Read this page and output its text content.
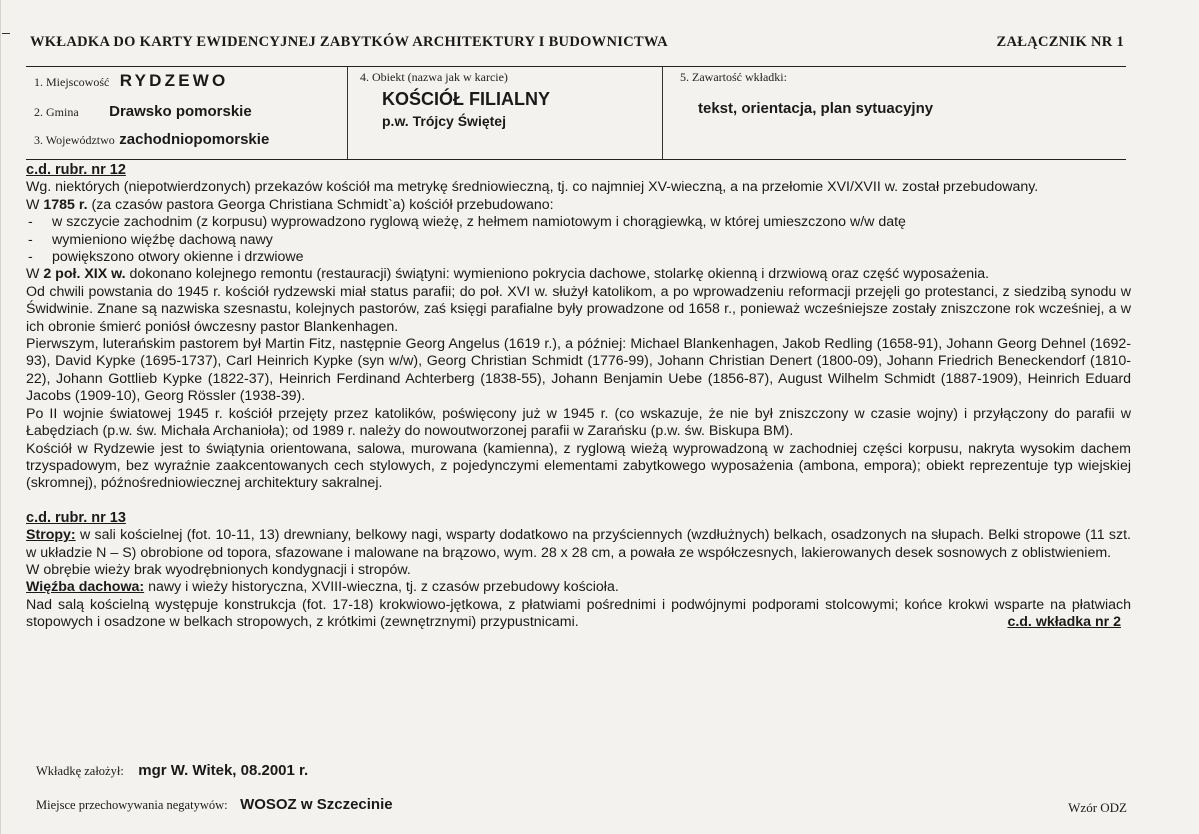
WKŁADKA DO KARTY EWIDENCYJNEJ ZABYTKÓW ARCHITEKTURY I BUDOWNICTWA	ZAŁĄCZNIK NR 1
1. Miejscowość RYDZEWO
2. Gmina Drawsko pomorskie
3. Województwo zachodniopomorskie
4. Obiekt (nazwa jak w karcie)
KOŚCIÓŁ FILIALNY
p.w. Trójcy Świętej
5. Zawartość wkładki:
tekst, orientacja, plan sytuacyjny

c.d. rubr. nr 12

Wg. niektórych (niepotwierdzonych) przekazów kościół ma metrykę średniowieczną, tj. co najmniej XV-wieczną, a na przełomie XVI/XVII w. został przebudowany.

W 1785 r. (za czasów pastora Georga Christiana Schmidt`a) kościół przebudowano:

- w szczycie zachodnim (z korpusu) wyprowadzono ryglową wieżę, z hełmem namiotowym i chorągiewką, w której umieszczono w/w datę

- wymieniono więźbę dachową nawy

- powiększono otwory okienne i drzwiowe

W 2 poł. XIX w. dokonano kolejnego remontu (restauracji) świątyni: wymieniono pokrycia dachowe, stolarkę okienną i drzwiową oraz część wyposażenia.

Od chwili powstania do 1945 r. kościół rydzewski miał status parafii; do poł. XVI w. służył katolikom, a po wprowadzeniu reformacji przejęli go protestanci, z siedzibą synodu w Świdwinie. Znane są nazwiska szesnastu, kolejnych pastorów, zaś księgi parafialne były prowadzone od 1658 r., ponieważ wcześniejsze zostały zniszczone rok wcześniej, a w ich obronie śmierć poniósł ówczesny pastor Blankenhagen.

Pierwszym, luterańskim pastorem był Martin Fitz, następnie Georg Angelus (1619 r.), a później: Michael Blankenhagen, Jakob Redling (1658-91), Johann Georg Dehnel (1692-93), David Kypke (1695-1737), Carl Heinrich Kypke (syn w/w), Georg Christian Schmidt (1776-99), Johann Christian Denert (1800-09), Johann Friedrich Beneckendorf (1810-22), Johann Gottlieb Kypke (1822-37), Heinrich Ferdinand Achterberg (1838-55), Johann Benjamin Uebe (1856-87), August Wilhelm Schmidt (1887-1909), Heinrich Eduard Jacobs (1909-10), Georg Rössler (1938-39).

Po II wojnie światowej 1945 r. kościół przejęty przez katolików, poświęcony już w 1945 r. (co wskazuje, że nie był zniszczony w czasie wojny) i przyłączony do parafii w Łabędziach (p.w. św. Michała Archanioła); od 1989 r. należy do nowoutworzonej parafii w Zarańsku (p.w. św. Biskupa BM).

Kościół w Rydzewie jest to świątynia orientowana, salowa, murowana (kamienna), z ryglową wieżą wyprowadzoną w zachodniej części korpusu, nakryta wysokim dachem trzyspadowym, bez wyraźnie zaakcentowanych cech stylowych, z pojedynczymi elementami zabytkowego wyposażenia (ambona, empora); obiekt reprezentuje typ wiejskiej (skromnej), późnośredniowiecznej architektury sakralnej.

c.d. rubr. nr 13

Stropy: w sali kościelnej (fot. 10-11, 13) drewniany, belkowy nagi, wsparty dodatkowo na przyściennych (wzdłużnych) belkach, osadzonych na słupach. Belki stropowe (11 szt. w układzie N – S) obrobione od topora, sfazowane i malowane na brązowo, wym. 28 x 28 cm, a powała ze współczesnych, lakierowanych desek sosnowych z oblistwieniem.

W obrębie wieży brak wyodrębnionych kondygnacji i stropów.

Więźba dachowa: nawy i wieży historyczna, XVIII-wieczna, tj. z czasów przebudowy kościoła.

Nad salą kościelną występuje konstrukcja (fot. 17-18) krokwiowo-jętkowa, z płatwiami pośrednimi i podwójnymi podporami stolcowymi; końce krokwi wsparte na płatwiach stopowych i osadzone w belkach stropowych, z krótkimi (zewnętrznymi) przypustnicami.	c.d. wkładka nr 2

Wkładkę założył: mgr W. Witek, 08.2001 r.
Miejsce przechowywania negatywów: WOSOZ w Szczecinie	Wzór ODZ
